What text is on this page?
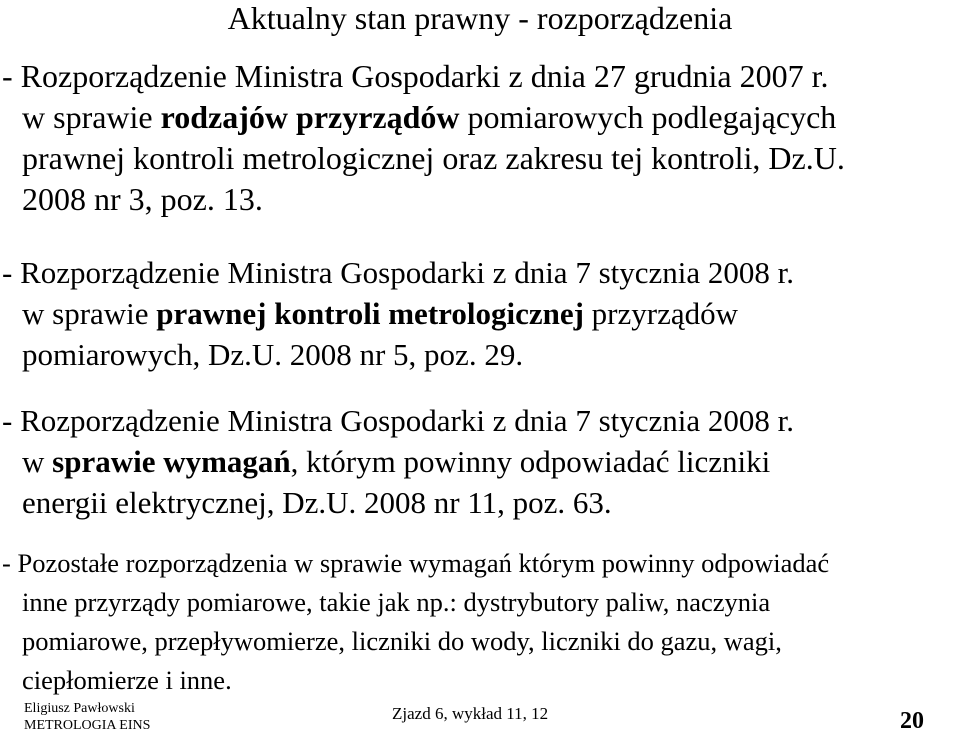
Aktualny stan prawny - rozporządzenia
- Rozporządzenie Ministra Gospodarki z dnia 27 grudnia 2007 r.
w sprawie rodzajów przyrządów pomiarowych podlegających
prawnej kontroli metrologicznej oraz zakresu tej kontroli, Dz.U.
2008 nr 3, poz. 13.
- Rozporządzenie Ministra Gospodarki z dnia 7 stycznia 2008 r.
w sprawie prawnej kontroli metrologicznej przyrządów
pomiarowych, Dz.U. 2008 nr 5, poz. 29.
- Rozporządzenie Ministra Gospodarki z dnia 7 stycznia 2008 r.
w sprawie wymagań, którym powinny odpowiadać liczniki
energii elektrycznej, Dz.U. 2008 nr 11, poz. 63.
- Pozostałe rozporządzenia w sprawie wymagań którym powinny odpowiadać
inne przyrządy pomiarowe, takie jak np.: dystrybutory paliw, naczynia
pomiarowe, przepływomierze, liczniki do wody, liczniki do gazu, wagi,
ciepłomierze i inne.
Eligiusz Pawłowski
METROLOGIA EINS
Zjazd 6, wykład 11, 12	20
